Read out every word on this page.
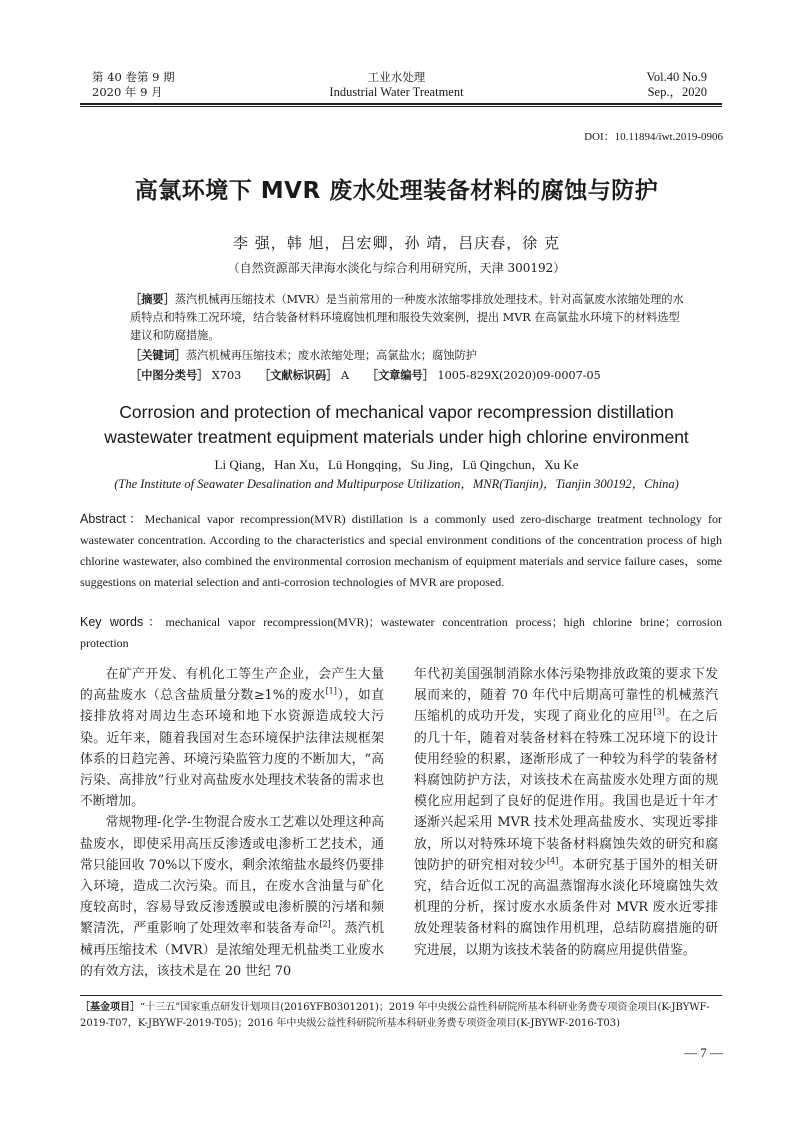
第 40 卷第 9 期
2020 年 9 月
工业水处理
Industrial Water Treatment
Vol.40 No.9
Sep.，2020
DOI：10.11894/iwt.2019-0906
高氯环境下 MVR 废水处理装备材料的腐蚀与防护
李 强，韩 旭，吕宏卿，孙 靖，吕庆春，徐 克
（自然资源部天津海水淡化与综合利用研究所，天津 300192）

［摘要］蒸汽机械再压缩技术（MVR）是当前常用的一种废水浓缩零排放处理技术。针对高氯废水浓缩处理的水质特点和特殊工况环境，结合装备材料环境腐蚀机理和服役失效案例，提出 MVR 在高氯盐水环境下的材料选型建议和防腐措施。

［关键词］蒸汽机械再压缩技术；废水浓缩处理；高氯盐水；腐蚀防护

［中图分类号］ X703 ［文献标识码］ A ［文章编号］ 1005-829X(2020)09-0007-05

Corrosion and protection of mechanical vapor recompression distillation
wastewater treatment equipment materials under high chlorine environment
Li Qiang，Han Xu，Lü Hongqing，Su Jing，Lü Qingchun，Xu Ke
(The Institute of Seawater Desalination and Multipurpose Utilization，MNR(Tianjin)，Tianjin 300192，China)
Abstract：Mechanical vapor recompression(MVR) distillation is a commonly used zero-discharge treatment technology for wastewater concentration. According to the characteristics and special environment conditions of the concentration process of high chlorine wastewater, also combined the environmental corrosion mechanism of equipment materials and service failure cases，some suggestions on material selection and anti-corrosion technologies of MVR are proposed.
Key words：mechanical vapor recompression(MVR)；wastewater concentration process；high chlorine brine；corrosion protection

在矿产开发、有机化工等生产企业，会产生大量的高盐废水（总含盐质量分数≥1%的废水[1]），如直接排放将对周边生态环境和地下水资源造成较大污染。近年来，随着我国对生态环境保护法律法规框架体系的日趋完善、环境污染监管力度的不断加大，“高污染、高排放”行业对高盐废水处理技术装备的需求也不断增加。

常规物理-化学-生物混合废水工艺难以处理这种高盐废水，即使采用高压反渗透或电渗析工艺技术，通常只能回收 70%以下废水，剩余浓缩盐水最终仍要排入环境，造成二次污染。而且，在废水含油量与矿化度较高时，容易导致反渗透膜或电渗析膜的污堵和频繁清洗，严重影响了处理效率和装备寿命[2]。蒸汽机械再压缩技术（MVR）是浓缩处理无机盐类工业废水的有效方法，该技术是在 20 世纪 70

年代初美国强制消除水体污染物排放政策的要求下发展而来的，随着 70 年代中后期高可靠性的机械蒸汽压缩机的成功开发，实现了商业化的应用[3]。在之后的几十年，随着对装备材料在特殊工况环境下的设计使用经验的积累，逐渐形成了一种较为科学的装备材料腐蚀防护方法，对该技术在高盐废水处理方面的规模化应用起到了良好的促进作用。我国也是近十年才逐渐兴起采用 MVR 技术处理高盐废水、实现近零排放，所以对特殊环境下装备材料腐蚀失效的研究和腐蚀防护的研究相对较少[4]。本研究基于国外的相关研究，结合近似工况的高温蒸馏海水淡化环境腐蚀失效机理的分析，探讨废水水质条件对 MVR 废水近零排放处理装备材料的腐蚀作用机理，总结防腐措施的研究进展，以期为该技术装备的防腐应用提供借鉴。

［基金项目］“十三五”国家重点研发计划项目(2016YFB0301201)；2019 年中央级公益性科研院所基本科研业务费专项资金项目(K-JBYWF-2019-T07，K-JBYWF-2019-T05)；2016 年中央级公益性科研院所基本科研业务费专项资金项目(K-JBYWF-2016-T03)
— 7 —
